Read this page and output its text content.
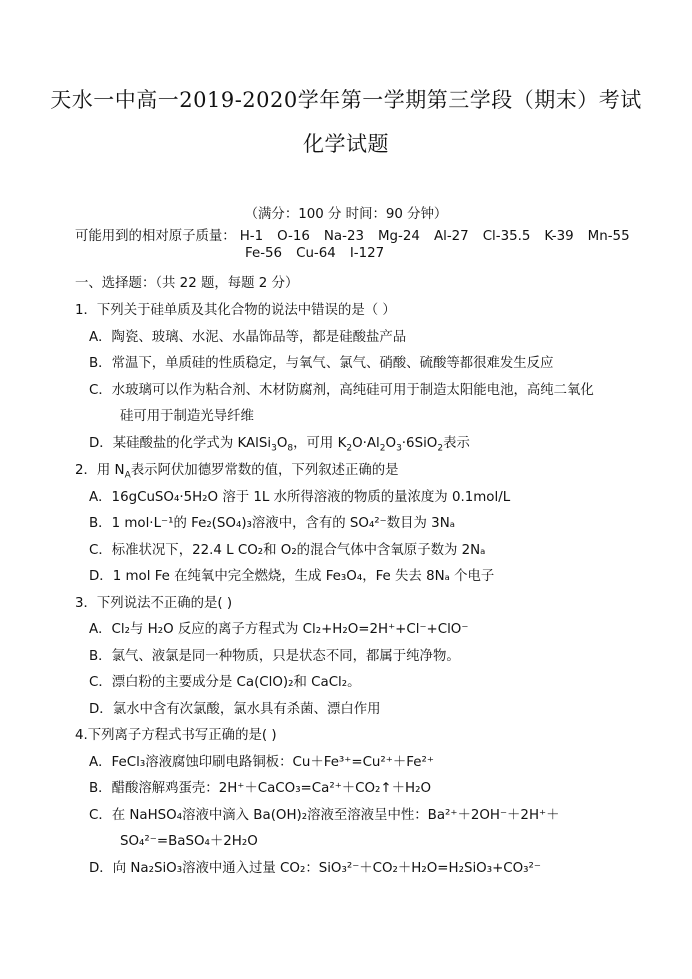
天水一中高一2019-2020学年第一学期第三学段（期末）考试
化学试题
（满分：100 分 时间：90 分钟）
可能用到的相对原子质量： H-1 O-16 Na-23 Mg-24 Al-27 Cl-35.5 K-39 Mn-55
Fe-56 Cu-64 I-127
一、选择题：（共 22 题，每题 2 分）
1．下列关于硅单质及其化合物的说法中错误的是（ ）
A．陶瓷、玻璃、水泥、水晶饰品等，都是硅酸盐产品
B．常温下，单质硅的性质稳定，与氧气、氯气、硝酸、硫酸等都很难发生反应
C．水玻璃可以作为粘合剂、木材防腐剂，高纯硅可用于制造太阳能电池，高纯二氧化
硅可用于制造光导纤维
D．某硅酸盐的化学式为 $KAlSi_3O_8$，可用 $K_2O\cdot Al_2O_3\cdot 6SiO_2$表示
2．用 $N_A$表示阿伏加德罗常数的值，下列叙述正确的是
A．16gCuSO₄·5H₂O 溶于 1L 水所得溶液的物质的量浓度为 0.1mol/L
B．1 mol·L⁻¹的 Fe₂(SO₄)₃溶液中，含有的 SO₄²⁻数目为 3Nₐ
C．标准状况下，22.4 L CO₂和 O₂的混合气体中含氧原子数为 2Nₐ
D．1 mol Fe 在纯氧中完全燃烧，生成 Fe₃O₄，Fe 失去 8Nₐ 个电子
3．下列说法不正确的是( )
A．Cl₂与 H₂O 反应的离子方程式为 Cl₂+H₂O=2H⁺+Cl⁻+ClO⁻
B．氯气、液氯是同一种物质，只是状态不同，都属于纯净物。
C．漂白粉的主要成分是 Ca(ClO)₂和 CaCl₂。
D．氯水中含有次氯酸，氯水具有杀菌、漂白作用
4.下列离子方程式书写正确的是( )
A．FeCl₃溶液腐蚀印刷电路铜板：Cu＋Fe³⁺=Cu²⁺＋Fe²⁺
B．醋酸溶解鸡蛋壳：2H⁺＋CaCO₃=Ca²⁺＋CO₂↑＋H₂O
C．在 NaHSO₄溶液中滴入 Ba(OH)₂溶液至溶液呈中性：Ba²⁺＋2OH⁻＋2H⁺＋
SO₄²⁻=BaSO₄＋2H₂O
D．向 Na₂SiO₃溶液中通入过量 CO₂：SiO₃²⁻＋CO₂＋H₂O=H₂SiO₃+CO₃²⁻
